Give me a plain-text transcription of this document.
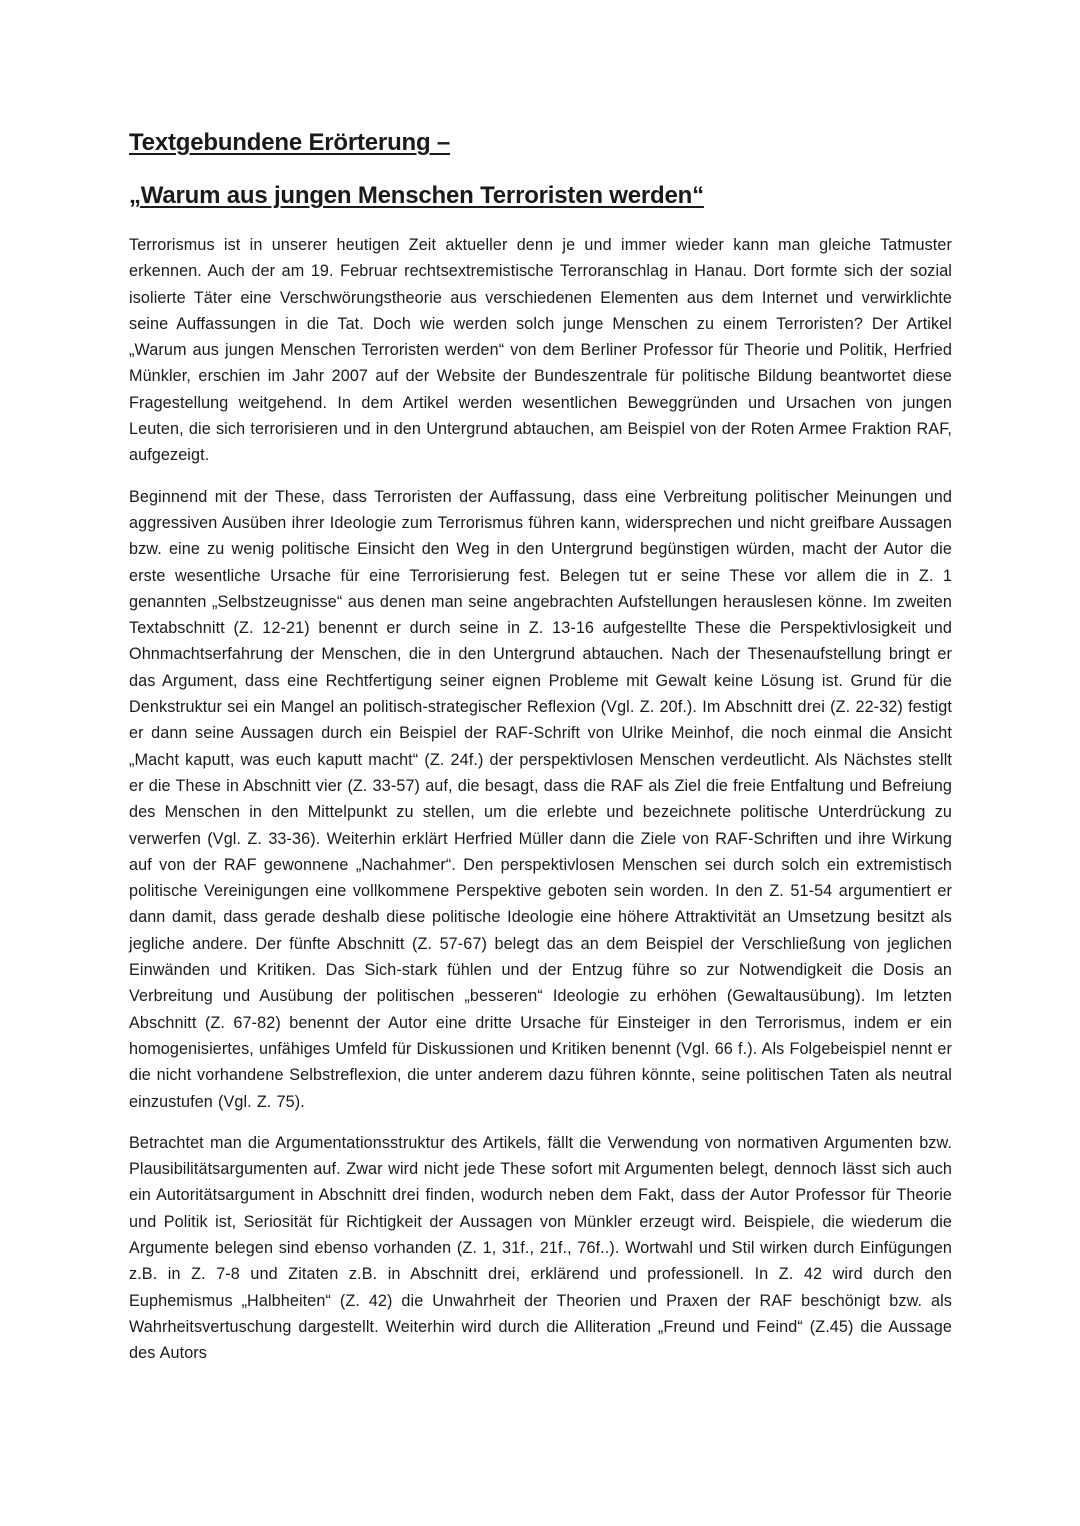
Textgebundene Erörterung –
„Warum aus jungen Menschen Terroristen werden“

Terrorismus ist in unserer heutigen Zeit aktueller denn je und immer wieder kann man gleiche Tatmuster erkennen. Auch der am 19. Februar rechtsextremistische Terroranschlag in Hanau. Dort formte sich der sozial isolierte Täter eine Verschwörungstheorie aus verschiedenen Elementen aus dem Internet und verwirklichte seine Auffassungen in die Tat. Doch wie werden solch junge Menschen zu einem Terroristen? Der Artikel „Warum aus jungen Menschen Terroristen werden“ von dem Berliner Professor für Theorie und Politik, Herfried Münkler, erschien im Jahr 2007 auf der Website der Bundeszentrale für politische Bildung beantwortet diese Fragestellung weitgehend. In dem Artikel werden wesentlichen Beweggründen und Ursachen von jungen Leuten, die sich terrorisieren und in den Untergrund abtauchen, am Beispiel von der Roten Armee Fraktion RAF, aufgezeigt.

Beginnend mit der These, dass Terroristen der Auffassung, dass eine Verbreitung politischer Meinungen und aggressiven Ausüben ihrer Ideologie zum Terrorismus führen kann, widersprechen und nicht greifbare Aussagen bzw. eine zu wenig politische Einsicht den Weg in den Untergrund begünstigen würden, macht der Autor die erste wesentliche Ursache für eine Terrorisierung fest. Belegen tut er seine These vor allem die in Z. 1 genannten „Selbstzeugnisse“ aus denen man seine angebrachten Aufstellungen herauslesen könne. Im zweiten Textabschnitt (Z. 12-21) benennt er durch seine in Z. 13-16 aufgestellte These die Perspektivlosigkeit und Ohnmachtserfahrung der Menschen, die in den Untergrund abtauchen. Nach der Thesenaufstellung bringt er das Argument, dass eine Rechtfertigung seiner eignen Probleme mit Gewalt keine Lösung ist. Grund für die Denkstruktur sei ein Mangel an politisch-strategischer Reflexion (Vgl. Z. 20f.). Im Abschnitt drei (Z. 22-32) festigt er dann seine Aussagen durch ein Beispiel der RAF-Schrift von Ulrike Meinhof, die noch einmal die Ansicht „Macht kaputt, was euch kaputt macht“ (Z. 24f.) der perspektivlosen Menschen verdeutlicht. Als Nächstes stellt er die These in Abschnitt vier (Z. 33-57) auf, die besagt, dass die RAF als Ziel die freie Entfaltung und Befreiung des Menschen in den Mittelpunkt zu stellen, um die erlebte und bezeichnete politische Unterdrückung zu verwerfen (Vgl. Z. 33-36). Weiterhin erklärt Herfried Müller dann die Ziele von RAF-Schriften und ihre Wirkung auf von der RAF gewonnene „Nachahmer“. Den perspektivlosen Menschen sei durch solch ein extremistisch politische Vereinigungen eine vollkommene Perspektive geboten sein worden. In den Z. 51-54 argumentiert er dann damit, dass gerade deshalb diese politische Ideologie eine höhere Attraktivität an Umsetzung besitzt als jegliche andere. Der fünfte Abschnitt (Z. 57-67) belegt das an dem Beispiel der Verschließung von jeglichen Einwänden und Kritiken. Das Sich-stark fühlen und der Entzug führe so zur Notwendigkeit die Dosis an Verbreitung und Ausübung der politischen „besseren“ Ideologie zu erhöhen (Gewaltausübung). Im letzten Abschnitt (Z. 67-82) benennt der Autor eine dritte Ursache für Einsteiger in den Terrorismus, indem er ein homogenisiertes, unfähiges Umfeld für Diskussionen und Kritiken benennt (Vgl. 66 f.). Als Folgebeispiel nennt er die nicht vorhandene Selbstreflexion, die unter anderem dazu führen könnte, seine politischen Taten als neutral einzustufen (Vgl. Z. 75).

Betrachtet man die Argumentationsstruktur des Artikels, fällt die Verwendung von normativen Argumenten bzw. Plausibilitätsargumenten auf. Zwar wird nicht jede These sofort mit Argumenten belegt, dennoch lässt sich auch ein Autoritätsargument in Abschnitt drei finden, wodurch neben dem Fakt, dass der Autor Professor für Theorie und Politik ist, Seriosität für Richtigkeit der Aussagen von Münkler erzeugt wird. Beispiele, die wiederum die Argumente belegen sind ebenso vorhanden (Z. 1, 31f., 21f., 76f..). Wortwahl und Stil wirken durch Einfügungen z.B. in Z. 7-8 und Zitaten z.B. in Abschnitt drei, erklärend und professionell. In Z. 42 wird durch den Euphemismus „Halbheiten“ (Z. 42) die Unwahrheit der Theorien und Praxen der RAF beschönigt bzw. als Wahrheitsvertuschung dargestellt. Weiterhin wird durch die Alliteration „Freund und Feind“ (Z.45) die Aussage des Autors
